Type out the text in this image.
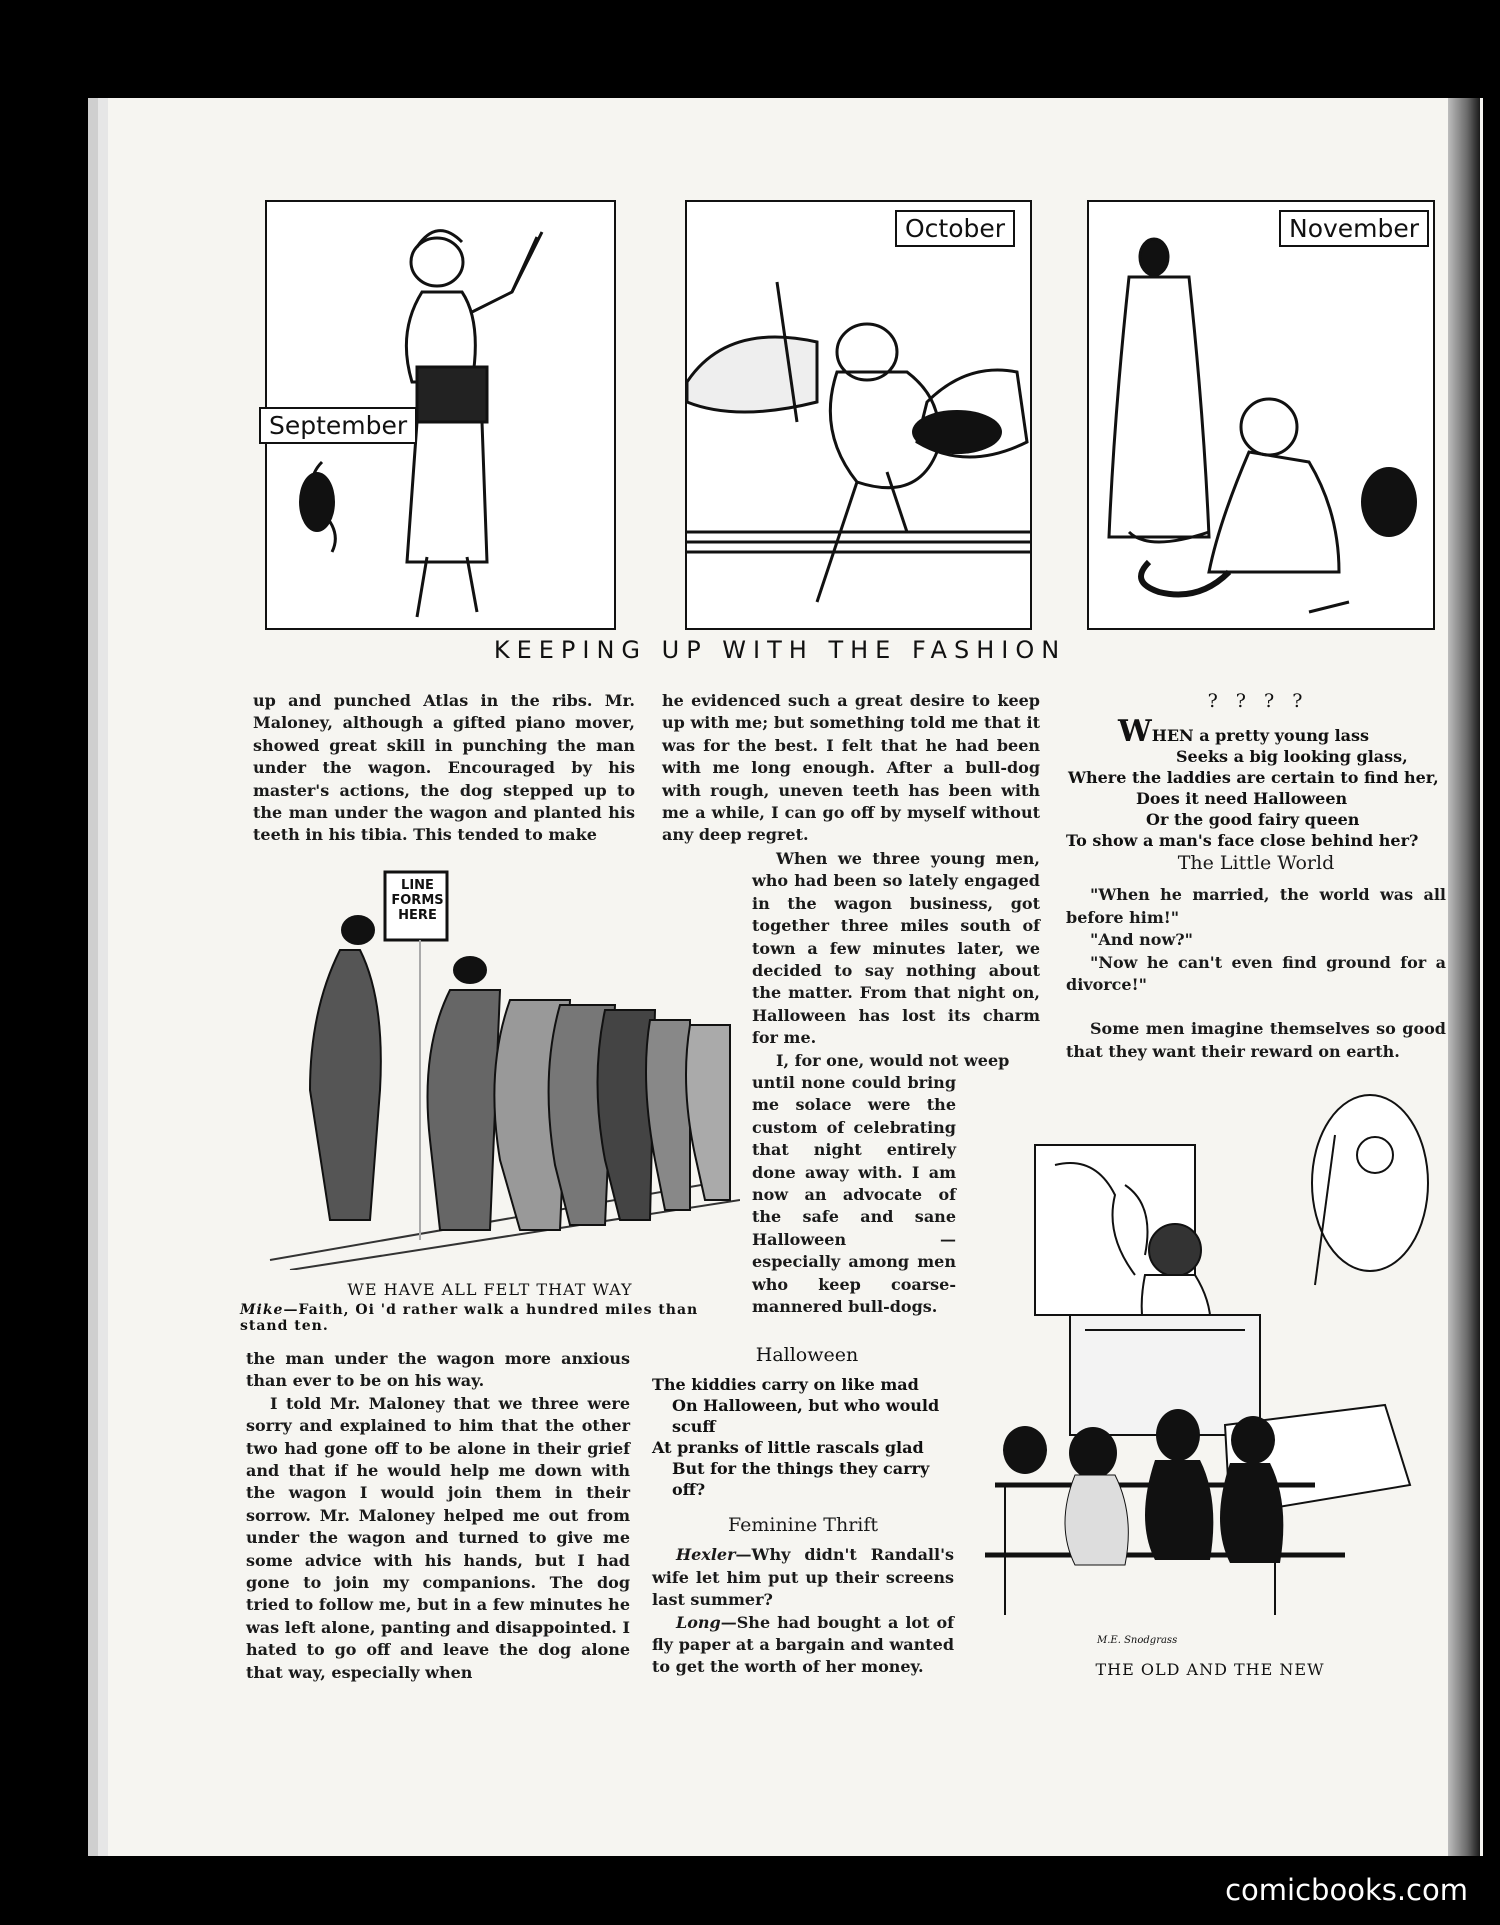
September
October	November
KEEPING UP WITH THE FASHION

up and punched Atlas in the ribs. Mr. Maloney, although a gifted piano mover, showed great skill in punching the man under the wagon. Encouraged by his master's actions, the dog stepped up to the man under the wagon and planted his teeth in his tibia. This tended to make

LINE FORMS HERE
WE HAVE ALL FELT THAT WAY
Mike—Faith, Oi 'd rather walk a hundred miles than stand ten.

the man under the wagon more anxious than ever to be on his way.

I told Mr. Maloney that we three were sorry and explained to him that the other two had gone off to be alone in their grief and that if he would help me down with the wagon I would join them in their sorrow. Mr. Maloney helped me out from under the wagon and turned to give me some advice with his hands, but I had gone to join my companions. The dog tried to follow me, but in a few minutes he was left alone, panting and disappointed. I hated to go off and leave the dog alone that way, especially when

he evidenced such a great desire to keep up with me; but something told me that it was for the best. I felt that he had been with me long enough. After a bull-dog with rough, uneven teeth has been with me a while, I can go off by myself without any deep regret.

When we three young men, who had been so lately engaged in the wagon business, got together three miles south of town a few minutes later, we decided to say nothing about the matter. From that night on, Halloween has lost its charm for me.

I, for one, would not weep

until none could bring me solace were the custom of celebrating that night entirely done away with. I am now an advocate of the safe and sane Halloween — especially among men who keep coarse-mannered bull-dogs.

Halloween
The kiddies carry on like mad
On Halloween, but who would scuff
At pranks of little rascals glad
But for the things they carry off?
Feminine Thrift

Hexler—Why didn't Randall's wife let him put up their screens last summer?

Long—She had bought a lot of fly paper at a bargain and wanted to get the worth of her money.

? ? ? ?
WHEN a pretty young lass
Seeks a big looking glass,
Where the laddies are certain to find her,
Does it need Halloween
Or the good fairy queen
To show a man's face close behind her?
The Little World

"When he married, the world was all before him!"

"And now?"

"Now he can't even find ground for a divorce!"

Some men imagine themselves so good that they want their reward on earth.

M.E. Snodgrass
THE OLD AND THE NEW
comicbooks.com
